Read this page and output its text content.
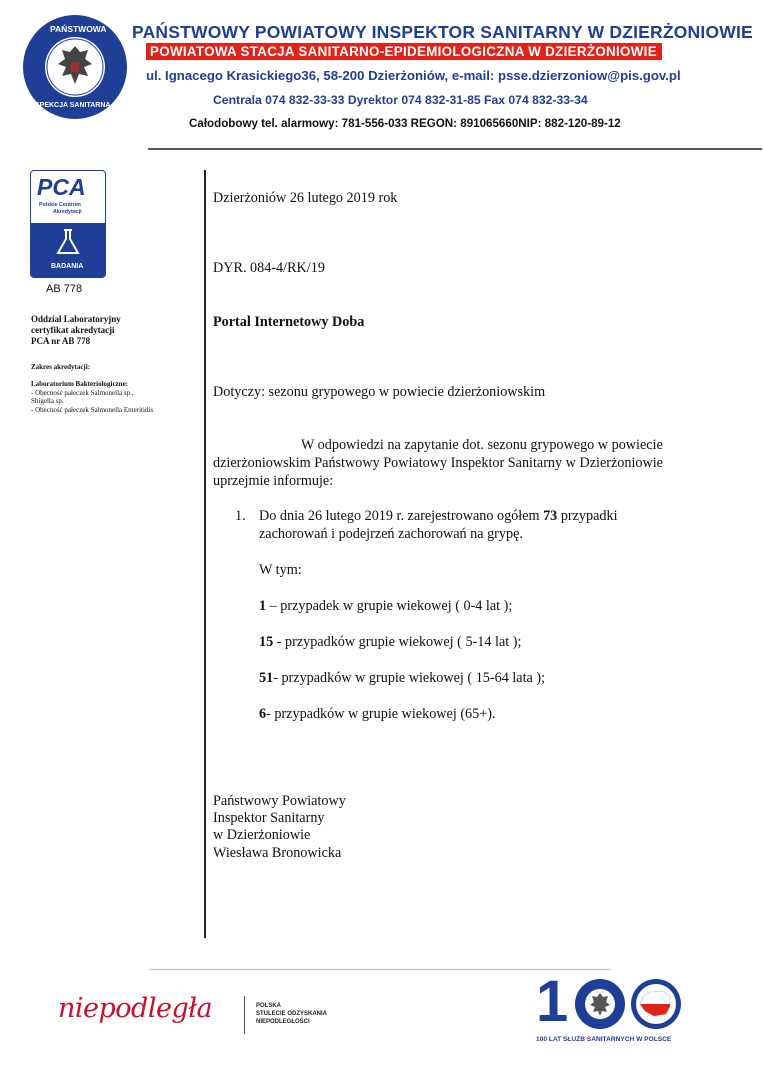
PAŃSTWOWA
INSPEKCJA SANITARNA
PAŃSTWOWY POWIATOWY INSPEKTOR SANITARNY W DZIERŻONIOWIE
POWIATOWA STACJA SANITARNO-EPIDEMIOLOGICZNA W DZIERŻONIOWIE
ul. Ignacego Krasickiego36, 58-200 Dzierżoniów, e-mail: psse.dzierzoniow@pis.gov.pl
Centrala 074 832-33-33 Dyrektor 074 832-31-85 Fax 074 832-33-34
Całodobowy tel. alarmowy: 781-556-033 REGON: 891065660NIP: 882-120-89-12
PCA
Polskie Centrum
Akredytacji
BADANIA
AB 778
Oddział Laboratoryjny
certyfikat akredytacji
PCA nr AB 778
Zakres akredytacji:
Laboratorium Bakteriologiczne:
- Obecność pałeczek Salmonella sp.,
Shigella sp.
- Obecność pałeczek Salmonella Enteritidis
Dzierżoniów 26 lutego 2019 rok
DYR. 084-4/RK/19
Portal Internetowy Doba
Dotyczy: sezonu grypowego w powiecie dzierżoniowskim
W odpowiedzi na zapytanie dot. sezonu grypowego w powiecie
dzierżoniowskim Państwowy Powiatowy Inspektor Sanitarny w Dzierżoniowie
uprzejmie informuje:
1. Do dnia 26 lutego 2019 r. zarejestrowano ogółem 73 przypadki
zachorowań i podejrzeń zachorowań na grypę.
W tym:
1 – przypadek w grupie wiekowej ( 0-4 lat );
15 - przypadków grupie wiekowej ( 5-14 lat );
51- przypadków w grupie wiekowej ( 15-64 lata );
6- przypadków w grupie wiekowej (65+).
Państwowy Powiatowy
Inspektor Sanitarny
w Dzierżoniowie
Wiesława Bronowicka
niepodległa	POLSKA
STULECIE ODZYSKANIA
NIEPODLEGŁOŚCI	1
100 LAT SŁUŻB SANITARNYCH W POLSCE
